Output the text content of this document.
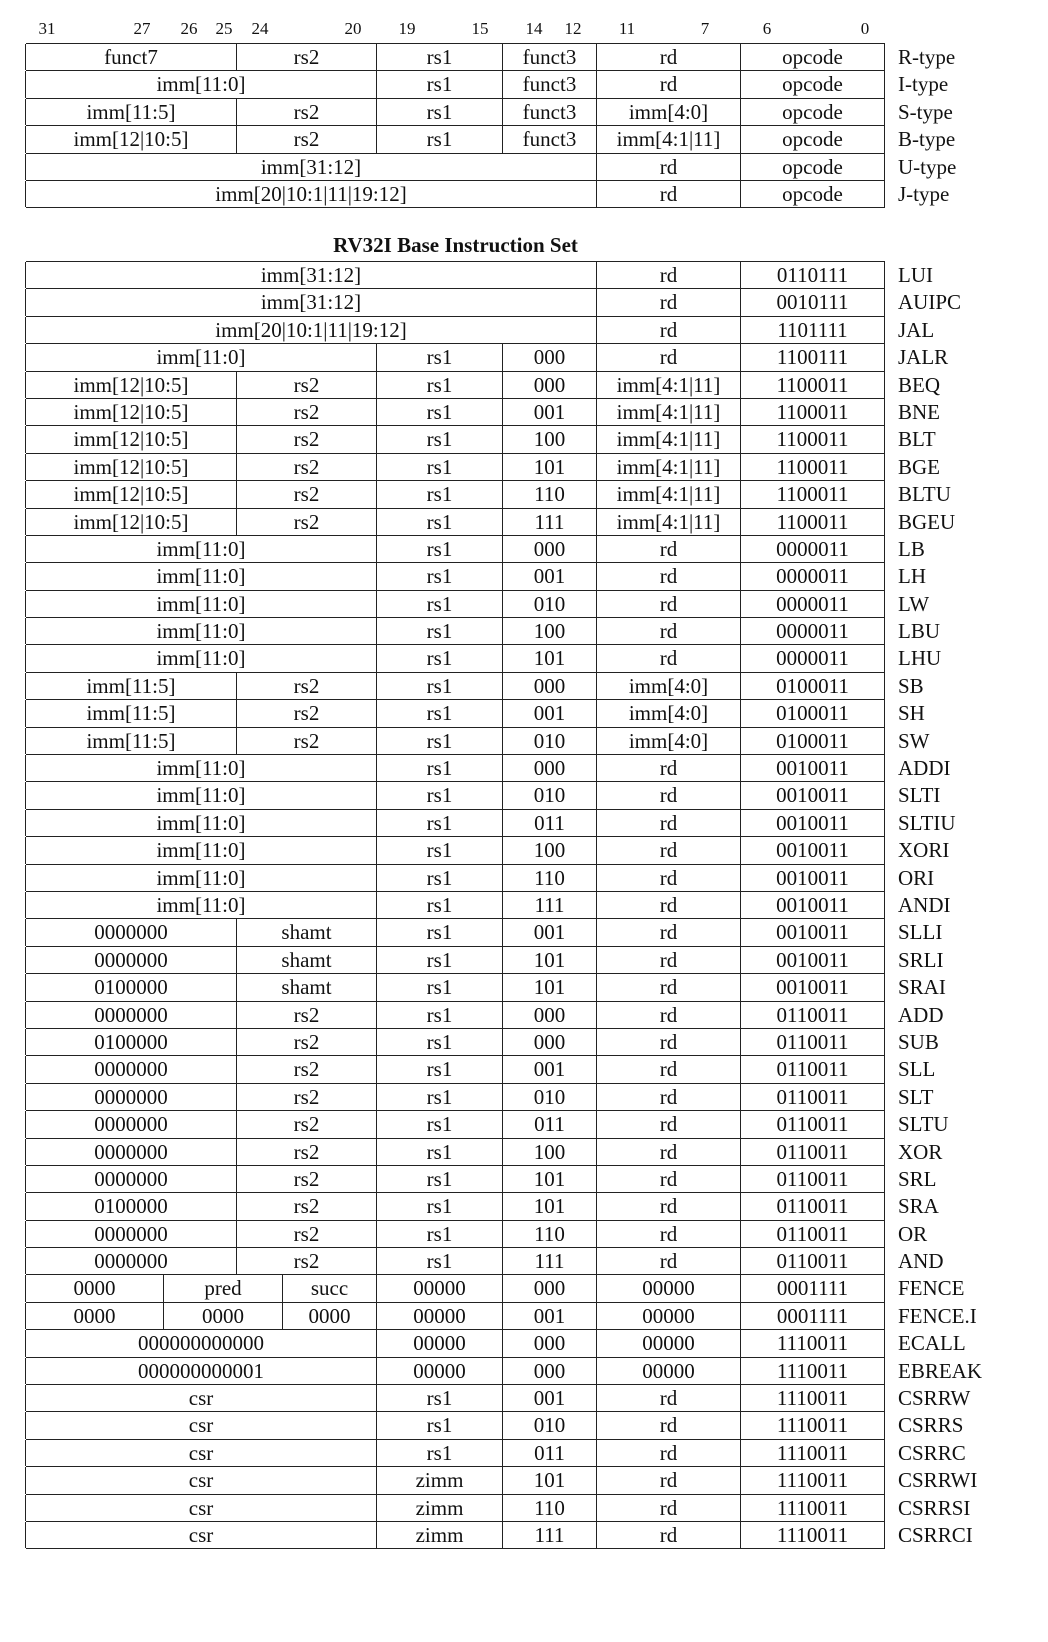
31	27 26 25 24	20 19	15 14 12 11	7	6	0
funct7	rs2	rs1	funct3	rd	opcode	R-type
imm[11:0]	rs1	funct3	rd	opcode	I-type
imm[11:5]	rs2	rs1	funct3	imm[4:0]	opcode	S-type
imm[12|10:5]	rs2	rs1	funct3	imm[4:1|11]	opcode	B-type
imm[31:12]	rd	opcode	U-type
imm[20|10:1|11|19:12]	rd	opcode	J-type
RV32I Base Instruction Set
imm[31:12]	rd	0110111	LUI
imm[31:12]	rd	0010111	AUIPC
imm[20|10:1|11|19:12]	rd	1101111	JAL
imm[11:0]	rs1	000	rd	1100111	JALR
imm[12|10:5]	rs2	rs1	000	imm[4:1|11]	1100011	BEQ
imm[12|10:5]	rs2	rs1	001	imm[4:1|11]	1100011	BNE
imm[12|10:5]	rs2	rs1	100	imm[4:1|11]	1100011	BLT
imm[12|10:5]	rs2	rs1	101	imm[4:1|11]	1100011	BGE
imm[12|10:5]	rs2	rs1	110	imm[4:1|11]	1100011	BLTU
imm[12|10:5]	rs2	rs1	111	imm[4:1|11]	1100011	BGEU
imm[11:0]	rs1	000	rd	0000011	LB
imm[11:0]	rs1	001	rd	0000011	LH
imm[11:0]	rs1	010	rd	0000011	LW
imm[11:0]	rs1	100	rd	0000011	LBU
imm[11:0]	rs1	101	rd	0000011	LHU
imm[11:5]	rs2	rs1	000	imm[4:0]	0100011	SB
imm[11:5]	rs2	rs1	001	imm[4:0]	0100011	SH
imm[11:5]	rs2	rs1	010	imm[4:0]	0100011	SW
imm[11:0]	rs1	000	rd	0010011	ADDI
imm[11:0]	rs1	010	rd	0010011	SLTI
imm[11:0]	rs1	011	rd	0010011	SLTIU
imm[11:0]	rs1	100	rd	0010011	XORI
imm[11:0]	rs1	110	rd	0010011	ORI
imm[11:0]	rs1	111	rd	0010011	ANDI
0000000	shamt	rs1	001	rd	0010011	SLLI
0000000	shamt	rs1	101	rd	0010011	SRLI
0100000	shamt	rs1	101	rd	0010011	SRAI
0000000	rs2	rs1	000	rd	0110011	ADD
0100000	rs2	rs1	000	rd	0110011	SUB
0000000	rs2	rs1	001	rd	0110011	SLL
0000000	rs2	rs1	010	rd	0110011	SLT
0000000	rs2	rs1	011	rd	0110011	SLTU
0000000	rs2	rs1	100	rd	0110011	XOR
0000000	rs2	rs1	101	rd	0110011	SRL
0100000	rs2	rs1	101	rd	0110011	SRA
0000000	rs2	rs1	110	rd	0110011	OR
0000000	rs2	rs1	111	rd	0110011	AND
0000	pred	succ	00000	000	00000	0001111	FENCE
0000	0000	0000	00000	001	00000	0001111	FENCE.I
000000000000	00000	000	00000	1110011	ECALL
000000000001	00000	000	00000	1110011	EBREAK
csr	rs1	001	rd	1110011	CSRRW
csr	rs1	010	rd	1110011	CSRRS
csr	rs1	011	rd	1110011	CSRRC
csr	zimm	101	rd	1110011	CSRRWI
csr	zimm	110	rd	1110011	CSRRSI
csr	zimm	111	rd	1110011	CSRRCI
